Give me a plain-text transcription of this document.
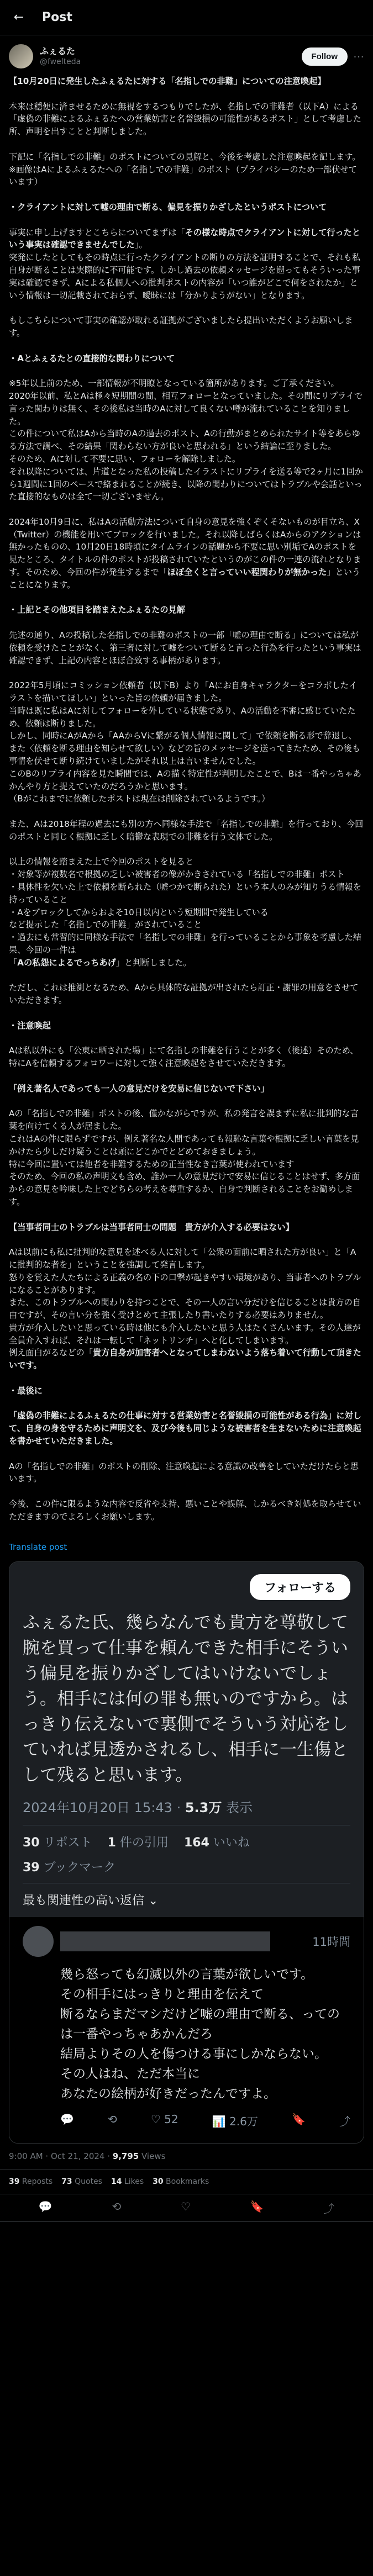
←	Post
ふぇるた
@fwelteda
Follow	⋯

【10月20日に発生したふぇるたに対する「名指しでの非難」についての注意喚起】

本来は穏便に済ませるために無視をするつもりでしたが、名指しでの非難者（以下A）による「虚偽の非難によるふぇるたへの営業妨害と名誉毀損の可能性があるポスト」として考慮した所、声明を出すことと判断しました。

下記に「名指しでの非難」のポストについての見解と、今後を考慮した注意喚起を記します。
※画像はAによるふぇるたへの「名指しでの非難」のポスト（プライバシーのため一部伏せています）

・クライアントに対して嘘の理由で断る、偏見を振りかざしたというポストについて

事実に申し上げますとこちらについてまずは「その様な時点でクライアントに対して行ったという事実は確認できませんでした」。
突発にしたとしてもその時点に行ったクライアントの断りの方法を証明することで、それも私自身が断ることは実際的に不可能です。しかし過去の依頼メッセージを遡ってもそういった事実は確認できず、Aによる私個人への批判ポストの内容が「いつ誰がどこで何をされたか」という情報は一切記載されておらず、曖昧には「分かりようがない」となります。

もしこちらについて事実の確認が取れる証拠がございましたら提出いただくようお願いします。

・Aとふぇるたとの直接的な関わりについて

※5年以上前のため、一部情報が不明瞭となっている箇所があります。ご了承ください。
2020年以前、私とAは極々短期間の間、相互フォローとなっていました。その間にリプライで言った関わりは無く、その後私は当時のAに対して良くない噂が流れていることを知りました。
この件について私はAから当時のAの過去のポスト、Aの行動がまとめられたサイト等をあらゆる方法で調べ、その結果「関わらない方が良いと思われる」という結論に至りました。
そのため、Aに対して不要に思い、フォローを解除しました。
それ以降については、片道となった私の投稿したイラストにリプライを送る等で2ヶ月に1回から1週間に1回のペースで絡まれることが続き、以降の関わりについてはトラブルや会話といった直接的なものは全て一切ございません。

2024年10月9日に、私はAの活動方法について自身の意見を強くぞくそないものが目立ち、X（Twitter）の機能を用いてブロックを行いました。それ以降しばらくはAからのアクションは無かったものの、10月20日18時頃にタイムラインの話題から不要に思い別垢でAのポストを見たところ、タイトルの件のポストが投稿されていたというのがこの件の一連の流れとなります。そのため、今回の件が発生するまで「ほぼ全くと言っていい程関わりが無かった」ということになります。

・上記とその他項目を踏まえたふぇるたの見解

先述の通り、Aの投稿した名指しでの非難のポストの一部「嘘の理由で断る」については私が依頼を受けたことがなく、第三者に対して嘘をついて断ると言った行為を行ったという事実は確認できず、上記の内容とほぼ合致する事柄があります。

2022年5月頃にコミッション依頼者（以下B）より「Aにお自身キャラクターをコラボしたイラストを描いてほしい」といった旨の依頼が届きました。
当時は既に私はAに対してフォローを外している状態であり、Aの活動を不審に感じていたため、依頼は断りました。
しかし、同時にAがAから「AAからVに繋がる個人情報に関して」で依頼を断る形で辞退し、また〈依頼を断る理由を知らせて欲しい〉などの旨のメッセージを送ってきたため、その後も事情を伏せて断り続けていましたがそれ以上は言いませんでした。
このBのリプライ内容を見た瞬間では、Aの描く特定性が判明したことで、Bは一番やっちゃあかんやり方と捉えていたのだろうかと思います。
（Bがこれまでに依頼したポストは現在は削除されているようです。）

また、Aは2018年程の過去にも別の方へ同様な手法で「名指しでの非難」を行っており、今回のポストと同じく根拠に乏しく暗鬱な表現での非難を行う文体でした。

以上の情報を踏まえた上で今回のポストを見ると
・対象等が複数名で根拠の乏しい被害者の像がかきされている「名指しでの非難」ポスト
・具体性を欠いた上で依頼を断られた（嘘つかで断られた）という本人のみが知りうる情報を持っていること
・Aをブロックしてからおよそ10日以内という短期間で発生している
など提示した「名指しでの非難」がされていること
・過去にも常習的に同様な手法で「名指しでの非難」を行っていることから事象を考慮した結果、今回の一件は
「Aの私怨によるでっちあげ」と判断しました。

ただし、これは推測となるため、Aから具体的な証拠が出されたら訂正・謝罪の用意をさせていただきます。

・注意喚起

Aは私以外にも「公東に晒された場」にて名指しの非難を行うことが多く（後述）そのため、特にAを信頼するフォロワーに対して強く注意喚起をさせていただきます。

「例え著名人であっても一人の意見だけを安易に信じないで下さい」

Aの「名指しでの非難」ポストの後、僅かながらですが、私の発言を誤まずに私に批判的な言葉を向けてくる人が居ました。
これはAの件に限らずですが、例え著名な人間であっても報恥な言葉や根拠に乏しい言葉を見かけたら少しだけ疑うことは頭にどこかでとどめておきましょう。
特に今回に置いては他者を非難するための正当性なき言葉が使われています
そのため、今回の私の声明文も含め、誰か一人の意見だけで安易に信じることはせず、多方面からの意見を吟味した上でどちらの考えを尊重するか、自身で判断されることをお勧めします。

【当事者同士のトラブルは当事者同士の問題　貴方が介入する必要はない】

Aは以前にも私に批判的な意見を述べる人に対して「公衆の面前に晒された方が良い」と「Aに批判的な者を」ということを強調して発言します。
怒りを覚えた人たちによる正義の名の下の口撃が起きやすい環境があり、当事者へのトラブルになることがあります。
また、このトラブルへの関わりを持つことで、その一人の言い分だけを信じることは貴方の自由ですが、その言い分を強く受けとめて主張したり書いたりする必要はありません。
貴方が介入したいと思っている時は他にも介入したいと思う人はたくさんいます。その人達が全員介入すれば、それは一転して「ネットリンチ」へと化してしまいます。
例え面白がるなどの「貴方自身が加害者へとなってしまわないよう落ち着いて行動して頂きたいです。

・最後に

「虚偽の非難によるふぇるたの仕事に対する営業妨害と名誉毀損の可能性がある行為」に対して、自身の身を守るために声明文を、及び今後も同じような被害者を生まないために注意喚起を書かせていただきました。

Aの「名指しでの非難」のポストの削除、注意喚起による意識の改善をしていただけたらと思います。

今後、この件に限るような内容で反省や支持、悪いことや誤解、しかるべき対処を取らせていただきますのでよろしくお願いします。

Translate post
フォローする
ふぇるた氏、幾らなんでも貴方を尊敬して腕を買って仕事を頼んできた相手にそういう偏見を振りかざしてはいけないでしょう。相手には何の罪も無いのですから。はっきり伝えないで裏側でそういう対応をしていれば見透かされるし、相手に一生傷として残ると思います。
2024年10月20日 15:43 · 5.3万 表示
30 リポスト 1 件の引用 164 いいね
39 ブックマーク
最も関連性の高い返信 ⌄
11時間
幾ら怒っても幻滅以外の言葉が欲しいです。
その相手にはっきりと理由を伝えて
断るならまだマシだけど嘘の理由で断る、っての
は一番やっちゃあかんだろ
結局よりその人を傷つける事にしかならない。
その人はね、ただ本当に
あなたの絵柄が好きだったんですよ。
💬	⟲	♡ 52	📊 2.6万	🔖	⤴
9:00 AM · Oct 21, 2024 · 9,795 Views
39 Reposts 73 Quotes 14 Likes 30 Bookmarks
💬	⟲	♡	🔖	⤴
